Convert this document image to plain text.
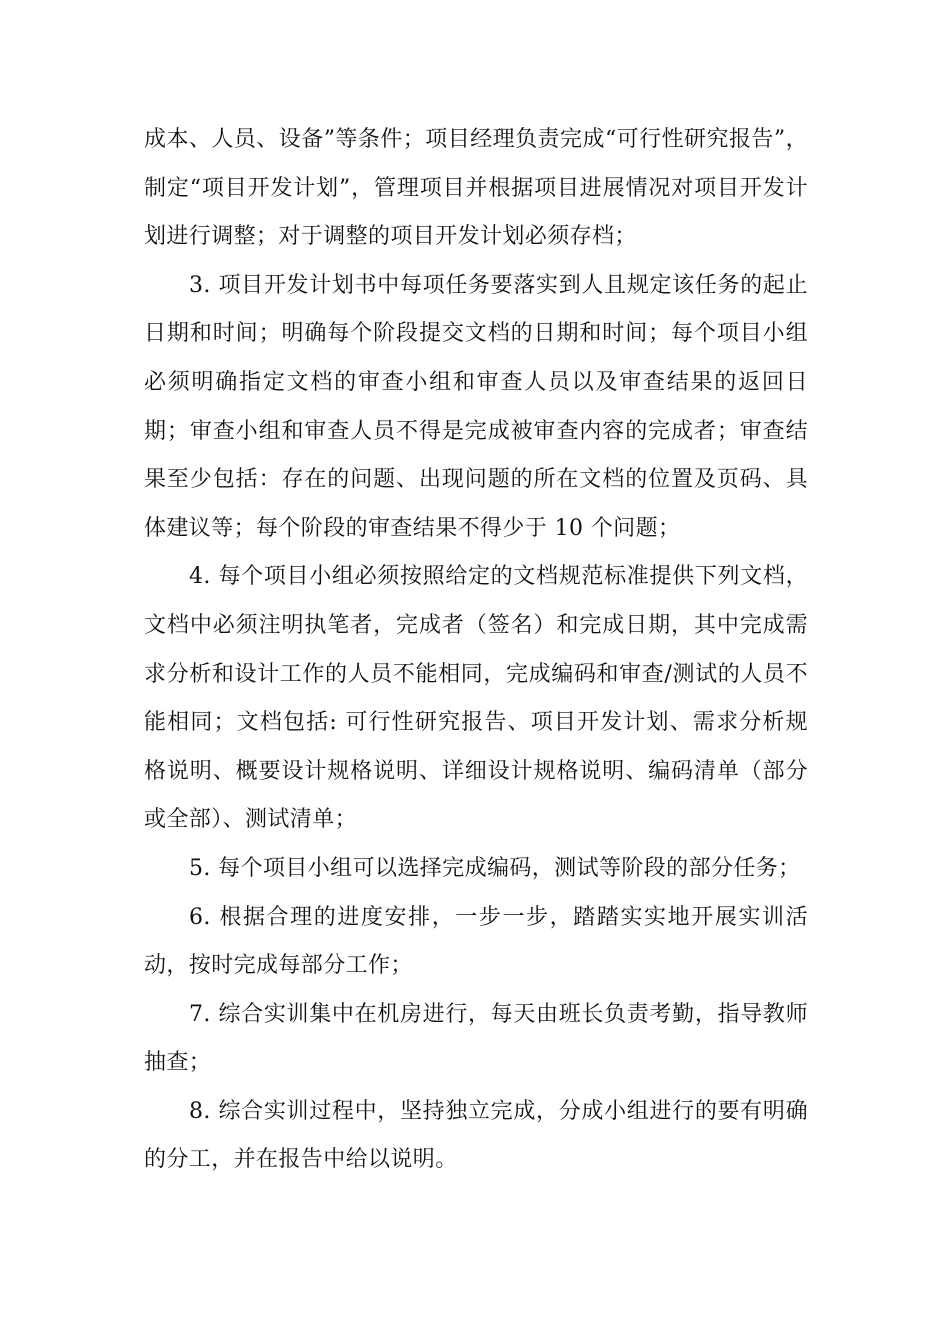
成本、人员、设备”等条件；项目经理负责完成“可行性研究报告”，制定“项目开发计划”，管理项目并根据项目进展情况对项目开发计划进行调整；对于调整的项目开发计划必须存档；

3. 项目开发计划书中每项任务要落实到人且规定该任务的起止日期和时间；明确每个阶段提交文档的日期和时间；每个项目小组必须明确指定文档的审查小组和审查人员以及审查结果的返回日期；审查小组和审查人员不得是完成被审查内容的完成者；审查结果至少包括：存在的问题、出现问题的所在文档的位置及页码、具体建议等；每个阶段的审查结果不得少于 10 个问题；

4. 每个项目小组必须按照给定的文档规范标准提供下列文档，文档中必须注明执笔者，完成者（签名）和完成日期，其中完成需求分析和设计工作的人员不能相同，完成编码和审查/测试的人员不能相同；文档包括: 可行性研究报告、项目开发计划、需求分析规格说明、概要设计规格说明、详细设计规格说明、编码清单（部分或全部）、测试清单；

5. 每个项目小组可以选择完成编码，测试等阶段的部分任务；

6. 根据合理的进度安排，一步一步，踏踏实实地开展实训活动，按时完成每部分工作；

7. 综合实训集中在机房进行，每天由班长负责考勤，指导教师抽查；

8. 综合实训过程中，坚持独立完成，分成小组进行的要有明确的分工，并在报告中给以说明。
